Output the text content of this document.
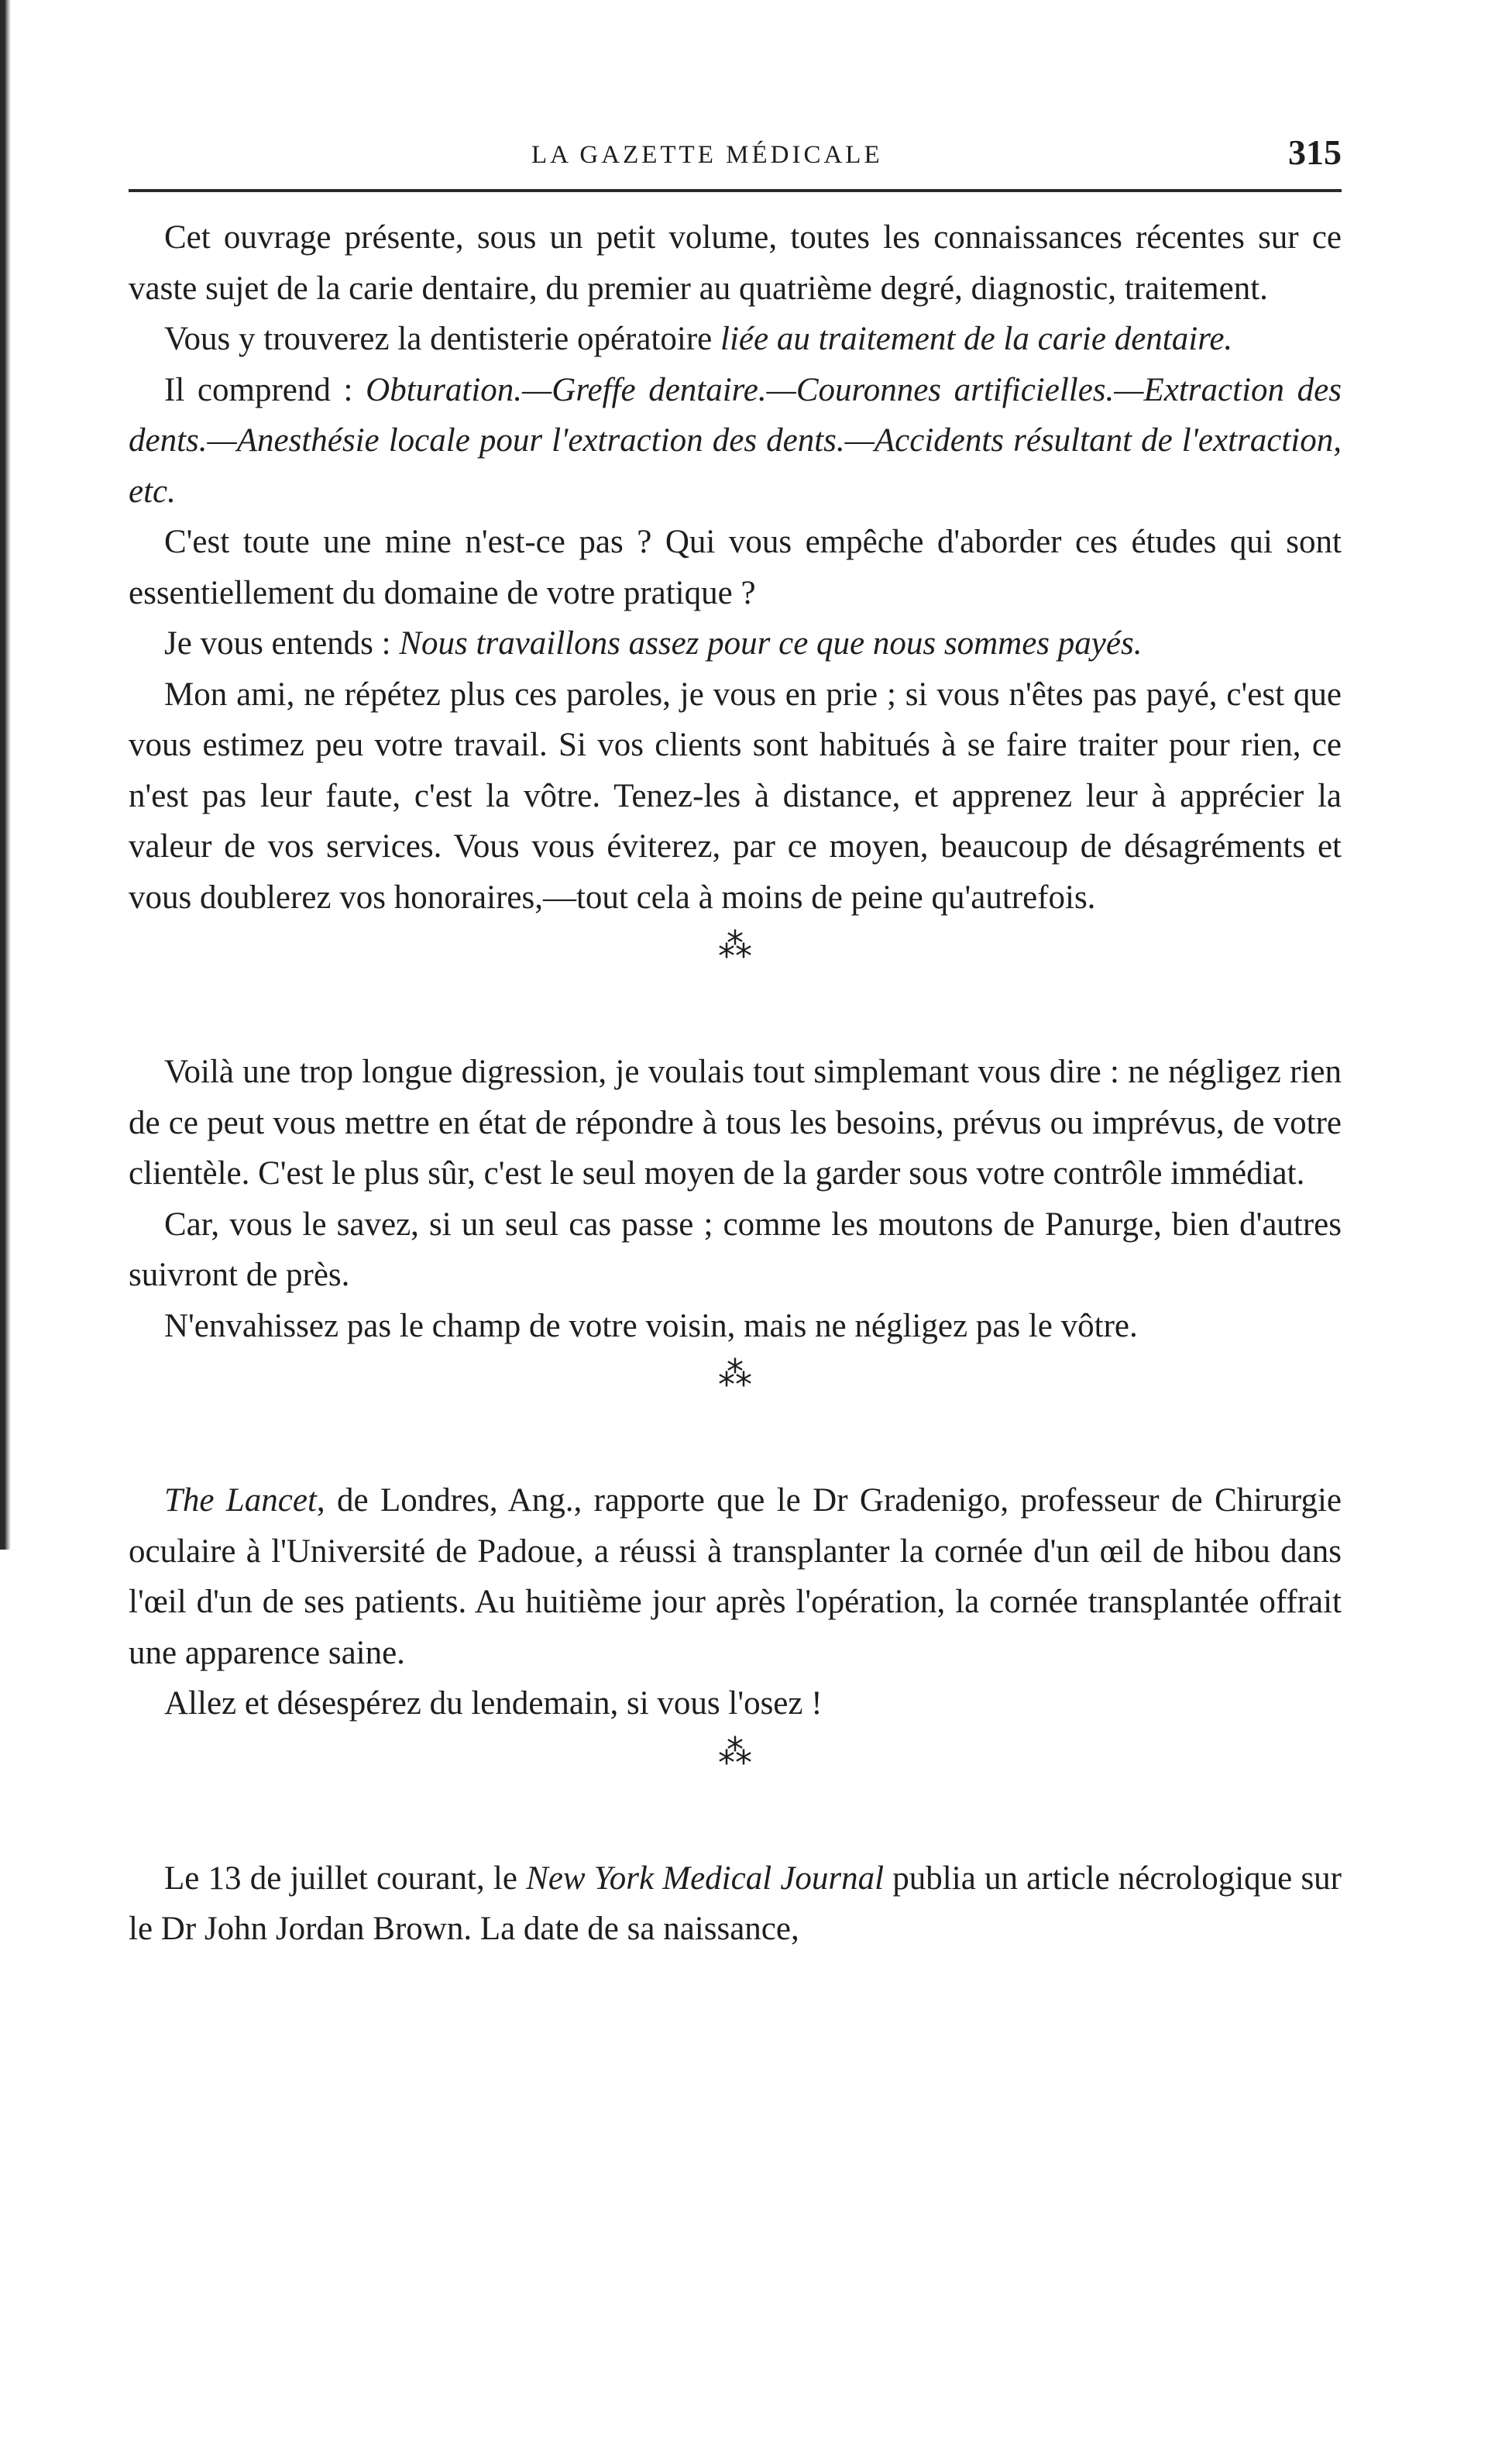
LA GAZETTE MÉDICALE	315

Cet ouvrage présente, sous un petit volume, toutes les connaissances récentes sur ce vaste sujet de la carie dentaire, du premier au quatrième degré, diagnostic, traitement.

Vous y trouverez la dentisterie opératoire liée au traitement de la carie dentaire.

Il comprend : Obturation.—Greffe dentaire.—Couronnes artificielles.—Extraction des dents.—Anesthésie locale pour l'extraction des dents.—Accidents résultant de l'extraction, etc.

C'est toute une mine n'est-ce pas ? Qui vous empêche d'aborder ces études qui sont essentiellement du domaine de votre pratique ?

Je vous entends : Nous travaillons assez pour ce que nous sommes payés.

Mon ami, ne répétez plus ces paroles, je vous en prie ; si vous n'êtes pas payé, c'est que vous estimez peu votre travail. Si vos clients sont habitués à se faire traiter pour rien, ce n'est pas leur faute, c'est la vôtre. Tenez-les à distance, et apprenez leur à apprécier la valeur de vos services. Vous vous éviterez, par ce moyen, beaucoup de désagréments et vous doublerez vos honoraires,—tout cela à moins de peine qu'autrefois.

⁂

Voilà une trop longue digression, je voulais tout simplemant vous dire : ne négligez rien de ce peut vous mettre en état de répondre à tous les besoins, prévus ou imprévus, de votre clientèle. C'est le plus sûr, c'est le seul moyen de la garder sous votre contrôle immédiat.

Car, vous le savez, si un seul cas passe ; comme les moutons de Panurge, bien d'autres suivront de près.

N'envahissez pas le champ de votre voisin, mais ne négligez pas le vôtre.

⁂

The Lancet, de Londres, Ang., rapporte que le Dr Gradenigo, professeur de Chirurgie oculaire à l'Université de Padoue, a réussi à transplanter la cornée d'un œil de hibou dans l'œil d'un de ses patients. Au huitième jour après l'opération, la cornée transplantée offrait une apparence saine.

Allez et désespérez du lendemain, si vous l'osez !

⁂

Le 13 de juillet courant, le New York Medical Journal publia un article nécrologique sur le Dr John Jordan Brown. La date de sa naissance,
